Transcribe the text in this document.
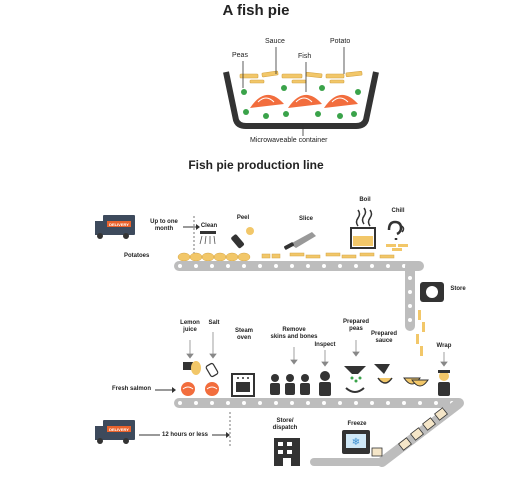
A fish pie
Fish pie production line
Peas
Sauce
Fish
Potato
Microwaveable container
Up to one
month
Potatoes
Clean
Peel	Slice
Boil
Chill
Store
Lemon
juice
Salt
Steam
oven
Remove
skins and bones
Inspect
Prepared
peas
Prepared
sauce
Wrap
Freeze
Store/
dispatch
Fresh salmon
12 hours or less
DELIVERY
❄
DELIVERY
